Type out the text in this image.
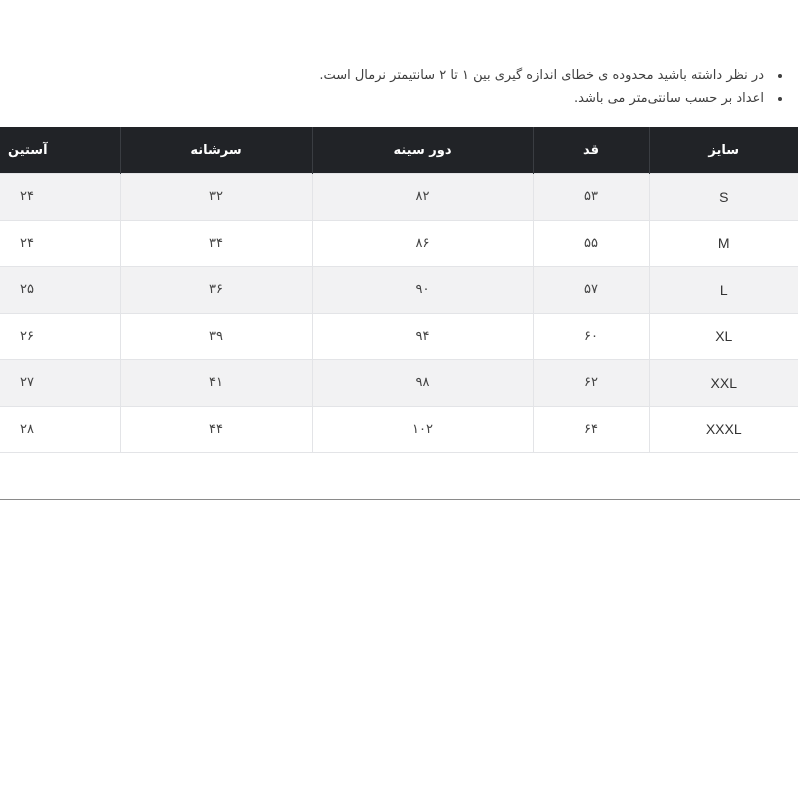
• در نظر داشته باشید محدوده ی خطای اندازه گیری بین ۱ تا ۲ سانتیمتر نرمال است.
• اعداد بر حسب سانتی‌متر می باشد.
سایز	قد	دور سینه	سرشانه	آستین
S	۵۳	۸۲	۳۲	۲۴
M	۵۵	۸۶	۳۴	۲۴
L	۵۷	۹۰	۳۶	۲۵
XL	۶۰	۹۴	۳۹	۲۶
XXL	۶۲	۹۸	۴۱	۲۷
XXXL	۶۴	۱۰۲	۴۴	۲۸
